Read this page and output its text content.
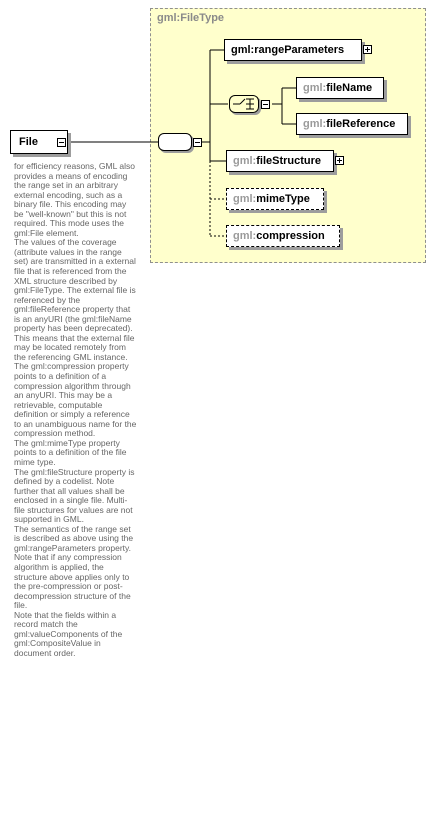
gml:FileType
File
gml:rangeParameters
gml:fileName
gml:fileReference
gml:fileStructure
gml:mimeType
gml:compression

for efficiency reasons, GML also provides a means of encoding the range set in an arbitrary external encoding, such as a binary file. This encoding may be "well-known" but this is not required. This mode uses the gml:File element.

The values of the coverage (attribute values in the range set) are transmitted in a external file that is referenced from the XML structure described by gml:FileType. The external file is referenced by the gml:fileReference property that is an anyURI (the gml:fileName property has been deprecated). This means that the external file may be located remotely from the referencing GML instance.

The gml:compression property points to a definition of a compression algorithm through an anyURI. This may be a retrievable, computable definition or simply a reference to an unambiguous name for the compression method.

The gml:mimeType property points to a definition of the file mime type.

The gml:fileStructure property is defined by a codelist. Note further that all values shall be enclosed in a single file. Multi-file structures for values are not supported in GML.

The semantics of the range set is described as above using the gml:rangeParameters property.

Note that if any compression algorithm is applied, the structure above applies only to the pre-compression or post-decompression structure of the file.

Note that the fields within a record match the gml:valueComponents of the gml:CompositeValue in document order.
